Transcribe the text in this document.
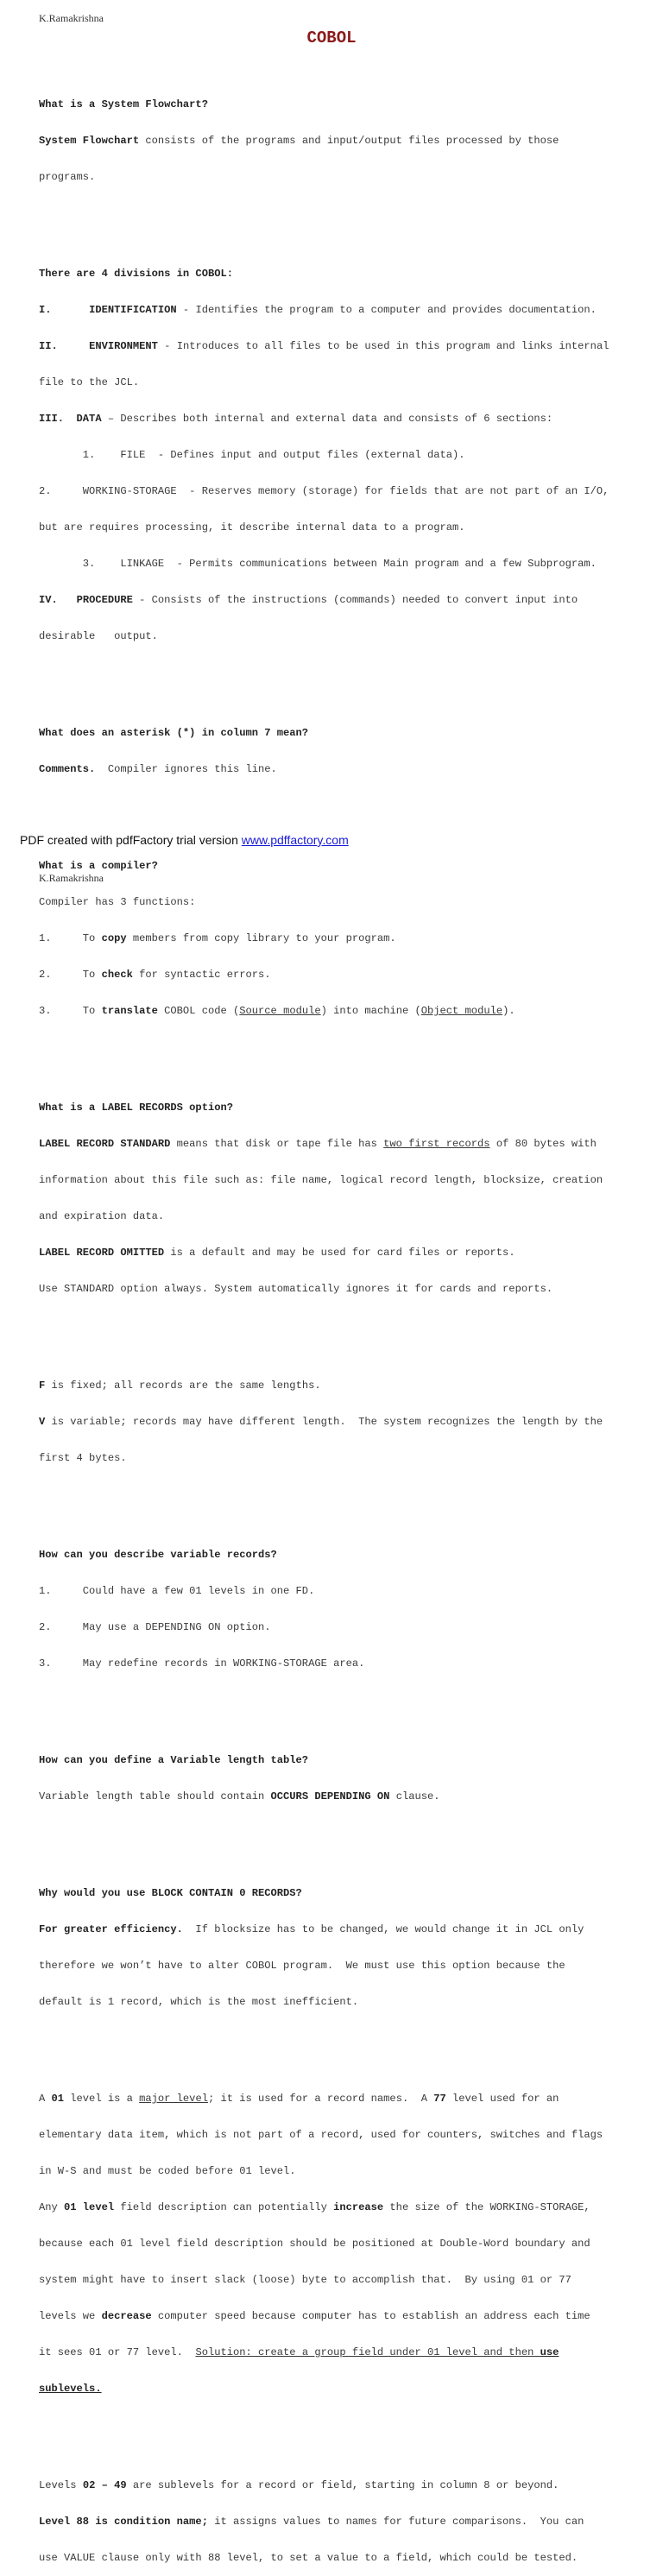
K.Ramakrishna
COBOL

What is a System Flowchart?

System Flowchart consists of the programs and input/output files processed by those

programs.

There are 4 divisions in COBOL:

I.	IDENTIFICATION - Identifies the program to a computer and provides documentation.

II.	ENVIRONMENT - Introduces to all files to be used in this program and links internal

file to the JCL.

III. DATA – Describes both internal and external data and consists of 6 sections:

1.    FILE  - Defines input and output files (external data).

2.     WORKING-STORAGE  - Reserves memory (storage) for fields that are not part of an I/O,

but are requires processing, it describe internal data to a program.

3.    LINKAGE  - Permits communications between Main program and a few Subprogram.

IV. PROCEDURE - Consists of the instructions (commands) needed to convert input into

desirable   output.

What does an asterisk (*) in column 7 mean?

Comments.  Compiler ignores this line.

What is a compiler?

Compiler has 3 functions:

1.     To copy members from copy library to your program.

2.     To check for syntactic errors.

3.     To translate COBOL code (Source module) into machine (Object module).

What is a LABEL RECORDS option?

LABEL RECORD STANDARD means that disk or tape file has two first records of 80 bytes with

information about this file such as: file name, logical record length, blocksize, creation

and expiration data.

LABEL RECORD OMITTED is a default and may be used for card files or reports.

Use STANDARD option always. System automatically ignores it for cards and reports.

F is fixed; all records are the same lengths.

V is variable; records may have different length.  The system recognizes the length by the

first 4 bytes.

How can you describe variable records?

1.     Could have a few 01 levels in one FD.

2.     May use a DEPENDING ON option.

3.     May redefine records in WORKING-STORAGE area.

How can you define a Variable length table?

Variable length table should contain OCCURS DEPENDING ON clause.

Why would you use BLOCK CONTAIN 0 RECORDS?

For greater efficiency.  If blocksize has to be changed, we would change it in JCL only

therefore we won’t have to alter COBOL program.  We must use this option because the

default is 1 record, which is the most inefficient.

A 01 level is a major level; it is used for a record names.  A 77 level used for an

elementary data item, which is not part of a record, used for counters, switches and flags

in W-S and must be coded before 01 level.

Any 01 level field description can potentially increase the size of the WORKING-STORAGE,

because each 01 level field description should be positioned at Double-Word boundary and

system might have to insert slack (loose) byte to accomplish that.  By using 01 or 77

levels we decrease computer speed because computer has to establish an address each time

it sees 01 or 77 level.  Solution: create a group field under 01 level and then use

sublevels.

Levels 02 – 49 are sublevels for a record or field, starting in column 8 or beyond.

Level 88 is condition name; it assigns values to names for future comparisons.  You can

use VALUE clause only with 88 level, to set a value to a field, which could be tested.

PDF created with pdfFactory trial version www.pdffactory.com
K.Ramakrishna
